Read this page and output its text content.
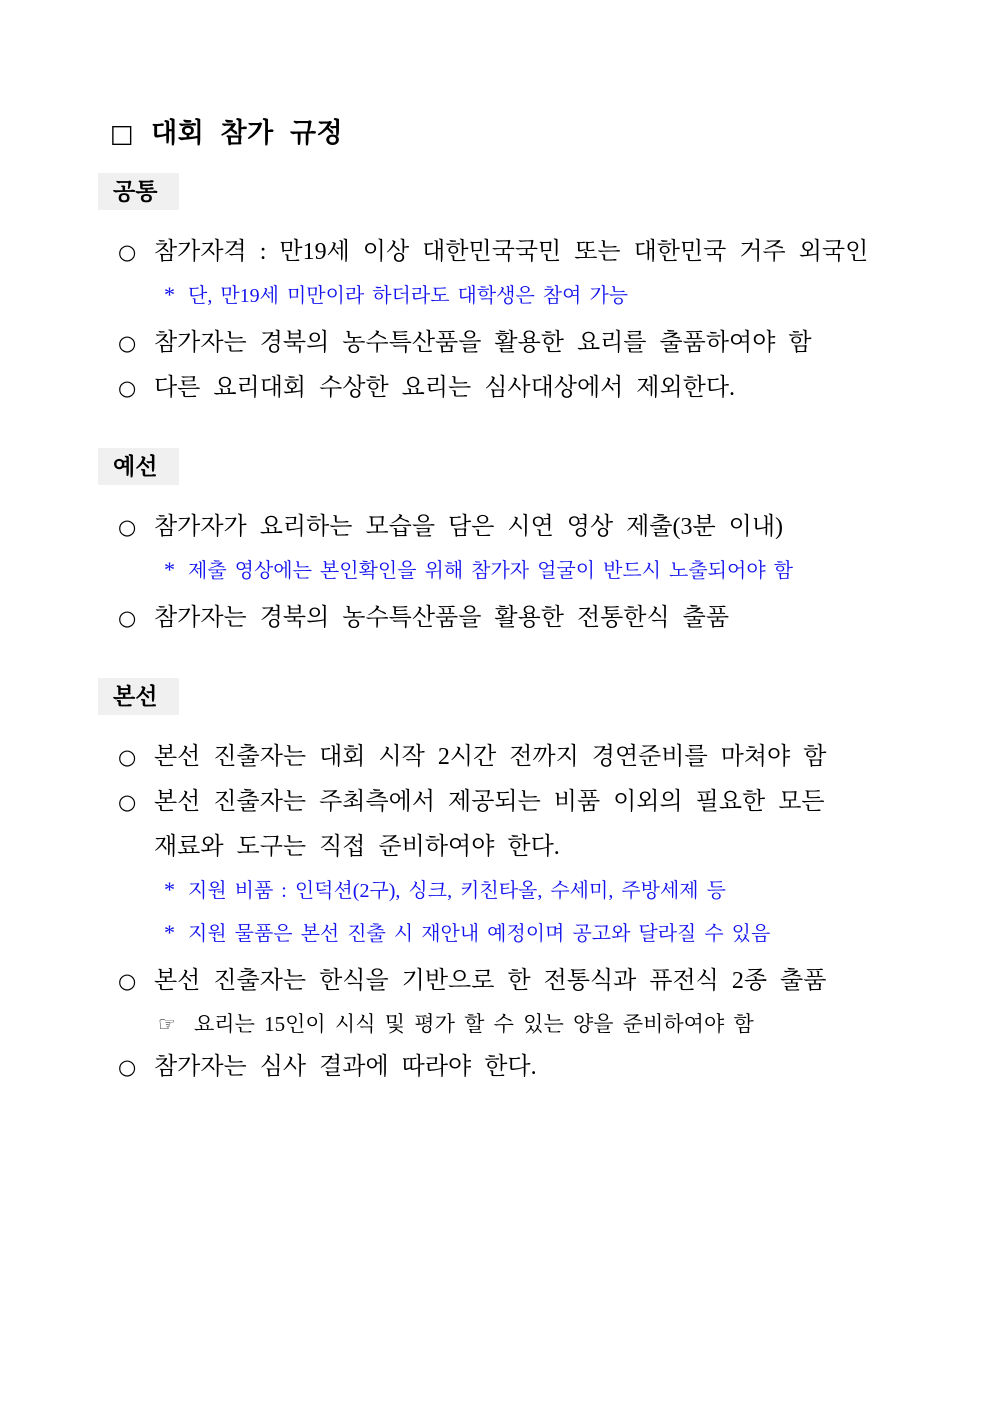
□ 대회 참가 규정
공통
○ 참가자격 : 만19세 이상 대한민국국민 또는 대한민국 거주 외국인
* 단, 만19세 미만이라 하더라도 대학생은 참여 가능
○ 참가자는 경북의 농수특산품을 활용한 요리를 출품하여야 함
○ 다른 요리대회 수상한 요리는 심사대상에서 제외한다.
예선
○ 참가자가 요리하는 모습을 담은 시연 영상 제출(3분 이내)
* 제출 영상에는 본인확인을 위해 참가자 얼굴이 반드시 노출되어야 함
○ 참가자는 경북의 농수특산품을 활용한 전통한식 출품
본선
○ 본선 진출자는 대회 시작 2시간 전까지 경연준비를 마쳐야 함
○ 본선 진출자는 주최측에서 제공되는 비품 이외의 필요한 모든
재료와 도구는 직접 준비하여야 한다.
* 지원 비품 : 인덕션(2구), 싱크, 키친타올, 수세미, 주방세제 등
* 지원 물품은 본선 진출 시 재안내 예정이며 공고와 달라질 수 있음
○ 본선 진출자는 한식을 기반으로 한 전통식과 퓨전식 2종 출품
☞ 요리는 15인이 시식 및 평가 할 수 있는 양을 준비하여야 함
○ 참가자는 심사 결과에 따라야 한다.
